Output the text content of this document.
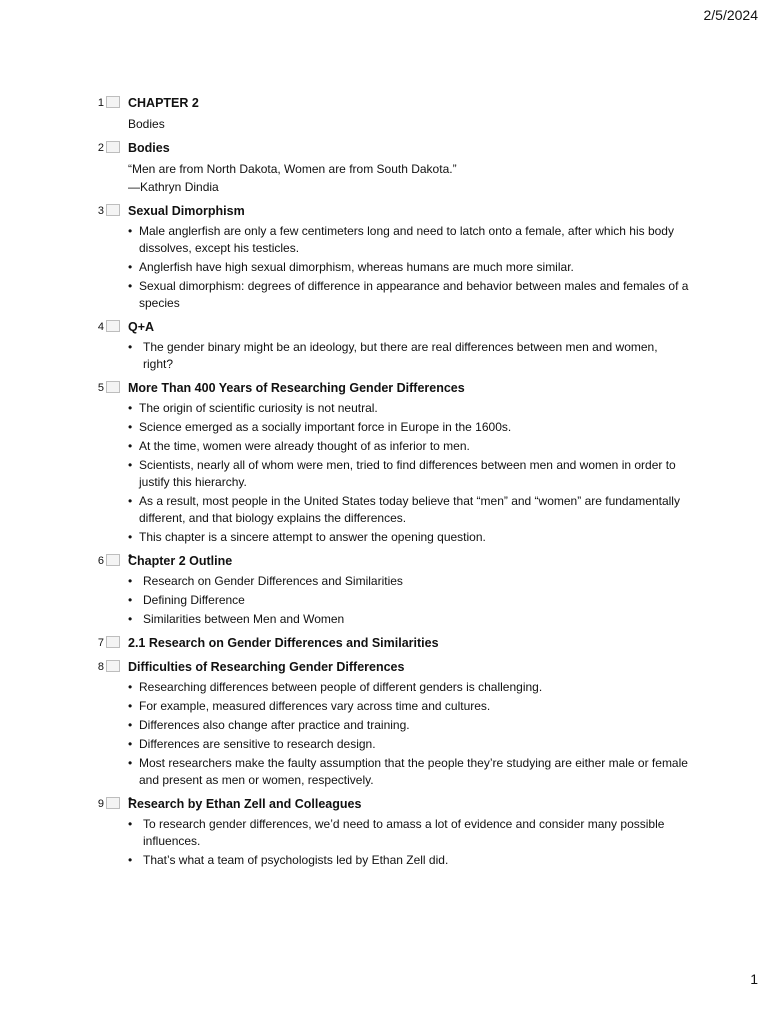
2/5/2024
1 CHAPTER 2
Bodies
2 Bodies
“Men are from North Dakota, Women are from South Dakota.”
—Kathryn Dindia
3 Sexual Dimorphism
• Male anglerfish are only a few centimeters long and need to latch onto a female, after which his body dissolves, except his testicles.
• Anglerfish have high sexual dimorphism, whereas humans are much more similar.
• Sexual dimorphism: degrees of difference in appearance and behavior between males and females of a species
4 Q+A
• The gender binary might be an ideology, but there are real differences between men and women, right?
5 More Than 400 Years of Researching Gender Differences
• The origin of scientific curiosity is not neutral.
• Science emerged as a socially important force in Europe in the 1600s.
• At the time, women were already thought of as inferior to men.
• Scientists, nearly all of whom were men, tried to find differences between men and women in order to justify this hierarchy.
• As a result, most people in the United States today believe that “men” and “women” are fundamentally different, and that biology explains the differences.
• This chapter is a sincere attempt to answer the opening question.
6 Chapter 2 Outline
• Research on Gender Differences and Similarities
• Defining Difference
• Similarities between Men and Women
7 2.1 Research on Gender Differences and Similarities
8 Difficulties of Researching Gender Differences
• Researching differences between people of different genders is challenging.
• For example, measured differences vary across time and cultures.
• Differences also change after practice and training.
• Differences are sensitive to research design.
• Most researchers make the faulty assumption that the people they’re studying are either male or female and present as men or women, respectively.
9 Research by Ethan Zell and Colleagues
• To research gender differences, we’d need to amass a lot of evidence and consider many possible influences.
• That’s what a team of psychologists led by Ethan Zell did.
1
